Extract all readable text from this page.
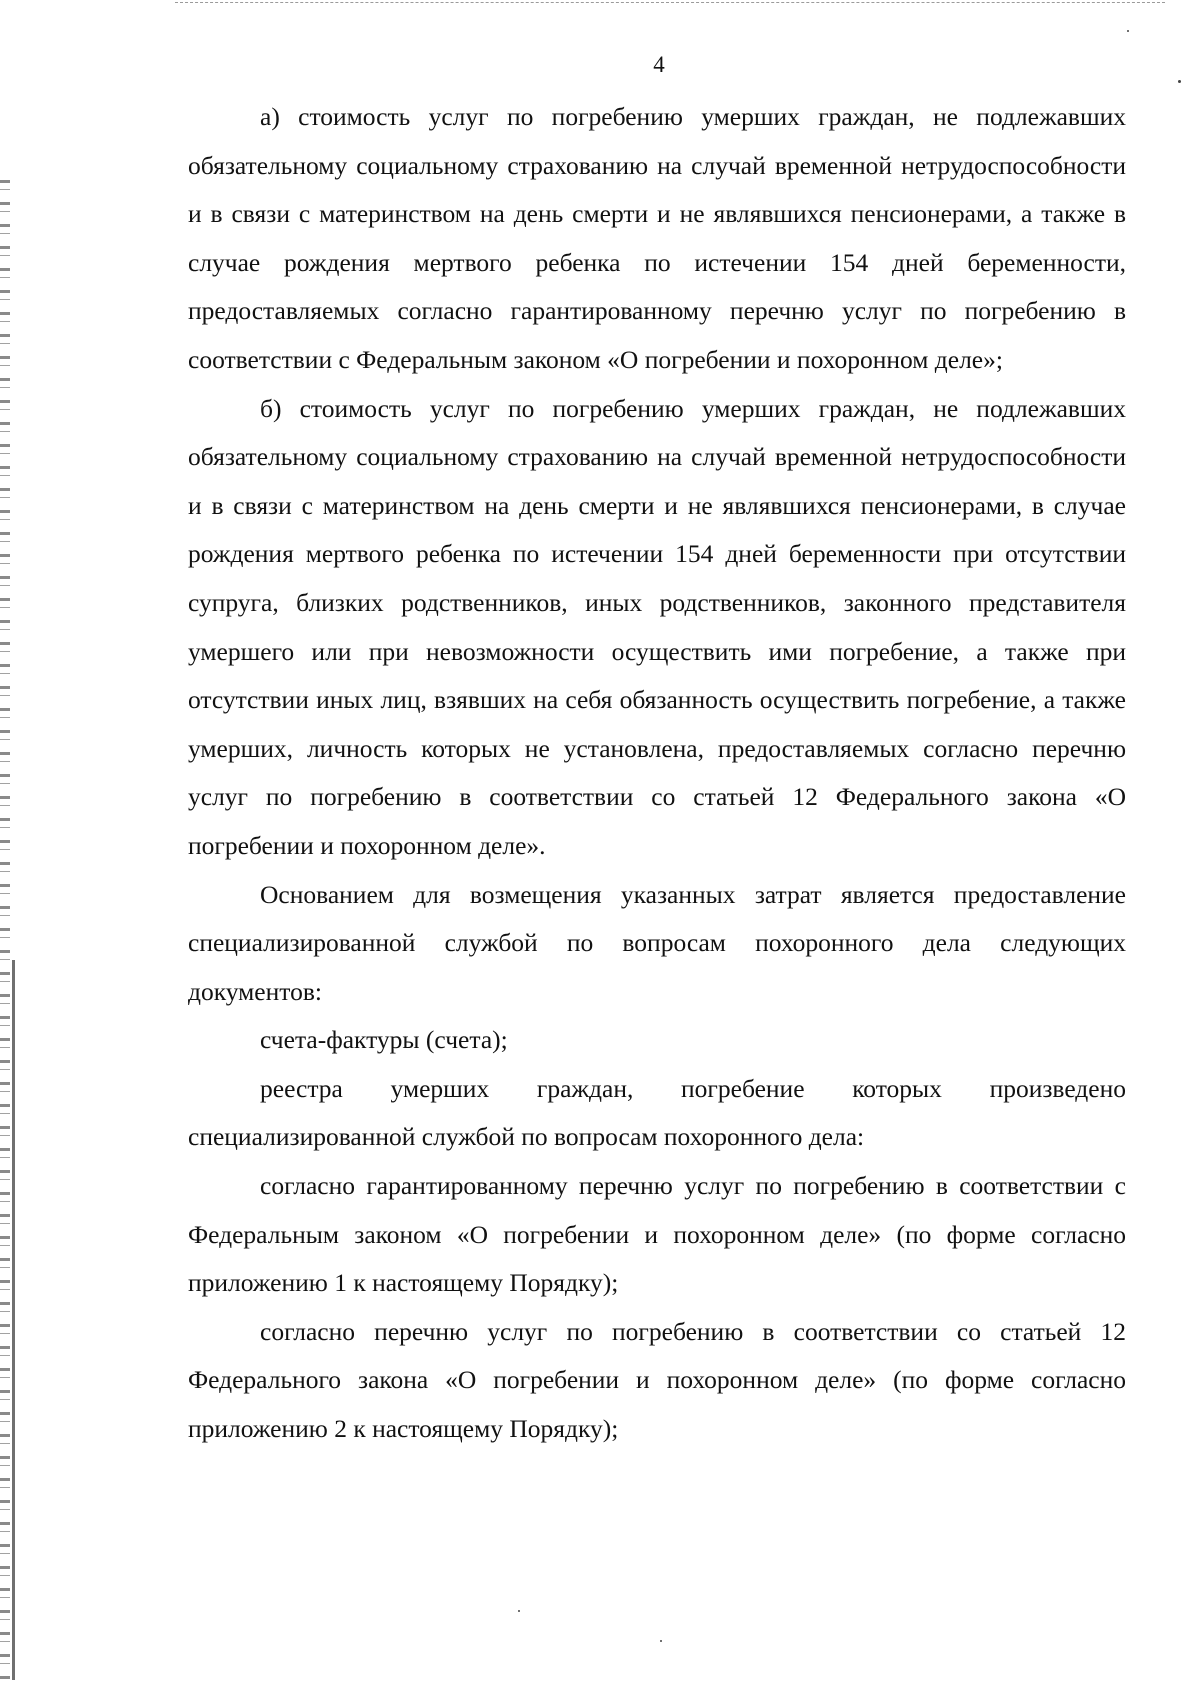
4

а) стоимость услуг по погребению умерших граждан, не подлежавших обязательному социальному страхованию на случай временной нетрудоспособности и в связи с материнством на день смерти и не являвшихся пенсионерами, а также в случае рождения мертвого ребенка по истечении 154 дней беременности, предоставляемых согласно гарантированному перечню услуг по погребению в соответствии с Федеральным законом «О погребении и похоронном деле»;

б) стоимость услуг по погребению умерших граждан, не подлежавших обязательному социальному страхованию на случай временной нетрудоспособности и в связи с материнством на день смерти и не являвшихся пенсионерами, в случае рождения мертвого ребенка по истечении 154 дней беременности при отсутствии супруга, близких родственников, иных родственников, законного представителя умершего или при невозможности осуществить ими погребение, а также при отсутствии иных лиц, взявших на себя обязанность осуществить погребение, а также умерших, личность которых не установлена, предоставляемых согласно перечню услуг по погребению в соответствии со статьей 12 Федерального закона «О погребении и похоронном деле».

Основанием для возмещения указанных затрат является предоставление специализированной службой по вопросам похоронного дела следующих документов:

счета-фактуры (счета);

реестра умерших граждан, погребение которых произведено специализированной службой по вопросам похоронного дела:

согласно гарантированному перечню услуг по погребению в соответствии с Федеральным законом «О погребении и похоронном деле» (по форме согласно приложению 1 к настоящему Порядку);

согласно перечню услуг по погребению в соответствии со статьей 12 Федерального закона «О погребении и похоронном деле» (по форме согласно приложению 2 к настоящему Порядку);
